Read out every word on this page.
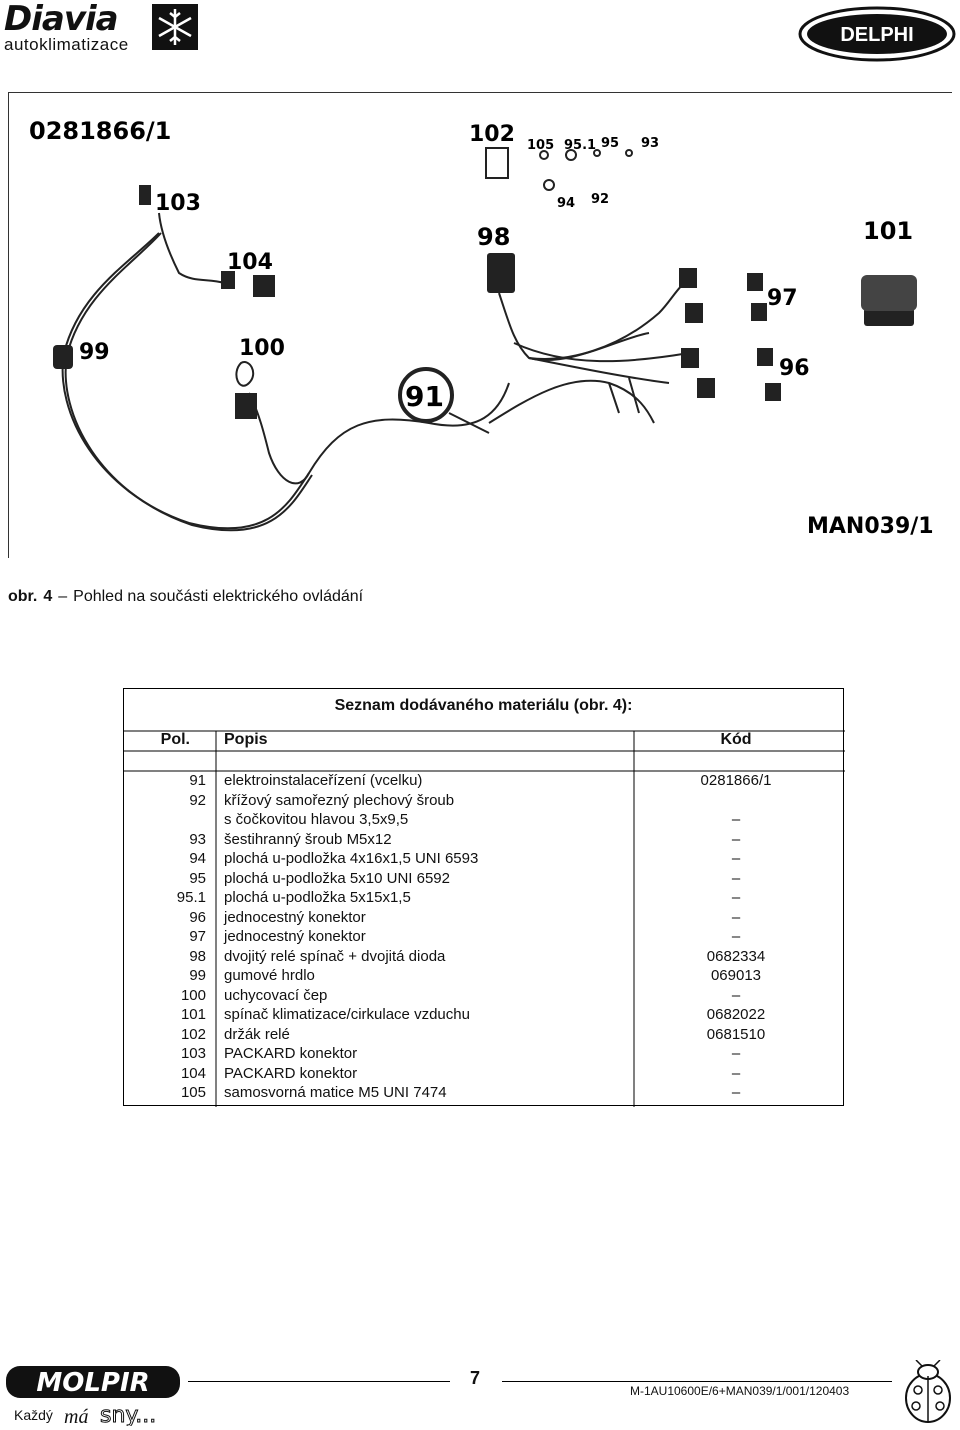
Diavia
autoklimatizace	DELPHI
0281866/1
MAN039/1
102 105 95.1 95 93
94 92
103
104
98	101
97
99	100
96
91
obr. 4 – Pohled na součásti elektrického ovládání
Seznam dodávaného materiálu (obr. 4):
Pol. Popis	Kód
91 elektroinstalaceřízení (vcelku)	0281866/1
92 křížový samořezný plechový šroub
s čočkovitou hlavou 3,5x9,5	–
93 šestihranný šroub M5x12	–
94 plochá u-podložka 4x16x1,5 UNI 6593	–
95 plochá u-podložka 5x10 UNI 6592	–
95.1 plochá u-podložka 5x15x1,5	–
96 jednocestný konektor	–
97 jednocestný konektor	–
98 dvojitý relé spínač + dvojitá dioda	0682334
99 gumové hrdlo	069013
100 uchycovací čep	–
101 spínač klimatizace/cirkulace vzduchu	0682022
102 držák relé	0681510
103 PACKARD konektor	–
104 PACKARD konektor	–
105 samosvorná matice M5 UNI 7474	–
MOLPIR
Každý má sny...
7
M-1AU10600E/6+MAN039/1/001/120403
